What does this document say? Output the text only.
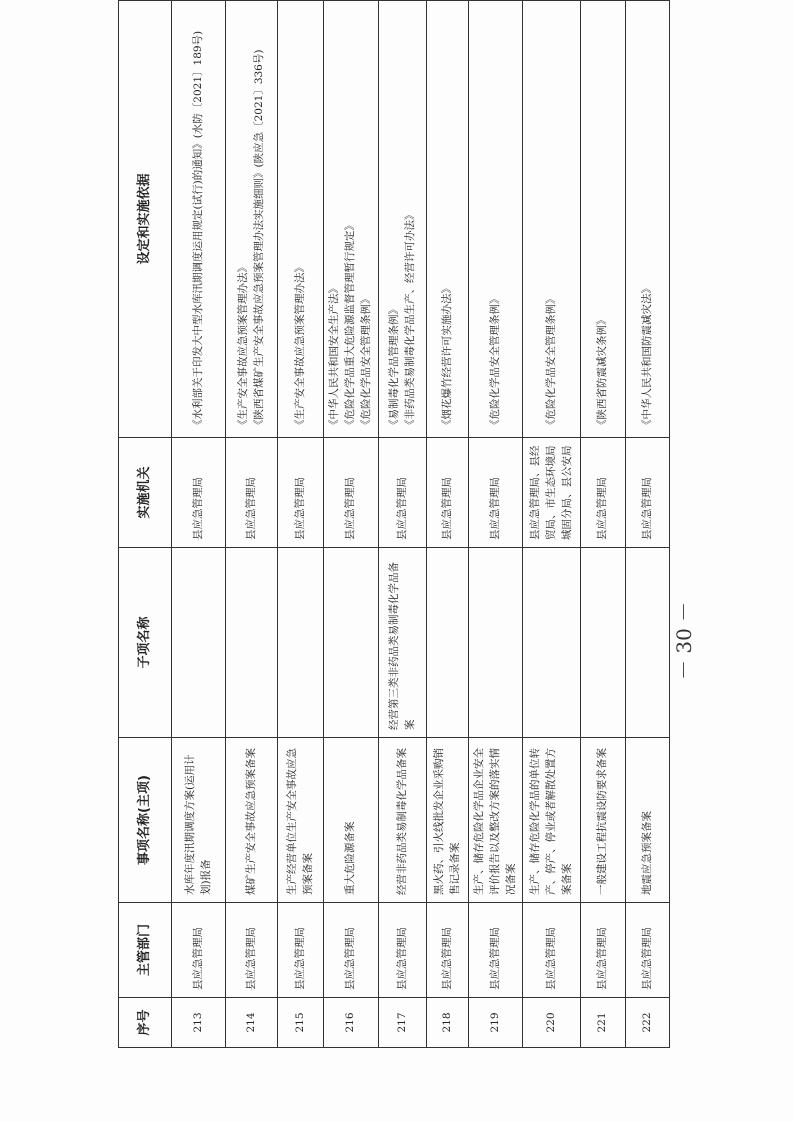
序号	主管部门	事项名称(主项)	子项名称	实施机关	设定和实施依据
213	县应急管理局	水库年度汛期调度方案(运用计划)报备		县应急管理局	《水利部关于印发大中型水库汛期调度运用规定(试行)的通知》(水防〔2021〕189号)

214	县应急管理局	煤矿生产安全事故应急预案备案		县应急管理局	《生产安全事故应急预案管理办法》 《陕西省煤矿生产安全事故应急预案管理办法实施细则》(陕应急〔2021〕336号)

215	县应急管理局	生产经营单位生产安全事故应急预案备案		县应急管理局	《生产安全事故应急预案管理办法》

216	县应急管理局	重大危险源备案		县应急管理局	《中华人民共和国安全生产法》 《危险化学品重大危险源监督管理暂行规定》 《危险化学品安全管理条例》

217	县应急管理局	经营非药品类易制毒化学品备案	经营第三类非药品类易制毒化学品备案	县应急管理局	《易制毒化学品管理条例》 《非药品类易制毒化学品生产、经营许可办法》

218	县应急管理局	黑火药、引火线批发企业采购销售记录备案		县应急管理局	《烟花爆竹经营许可实施办法》

219	县应急管理局	生产、储存危险化学品企业安全评价报告以及整改方案的落实情况备案		县应急管理局	《危险化学品安全管理条例》

220	县应急管理局	生产、储存危险化学品的单位转产、停产、停业或者解散处置方案备案		县应急管理局、县经贸局、市生态环境局城固分局、县公安局	《危险化学品安全管理条例》

221	县应急管理局	一般建设工程抗震设防要求备案		县应急管理局	《陕西省防震减灾条例》

222	县应急管理局	地震应急预案备案		县应急管理局	《中华人民共和国防震减灾法》
－ 30 －
